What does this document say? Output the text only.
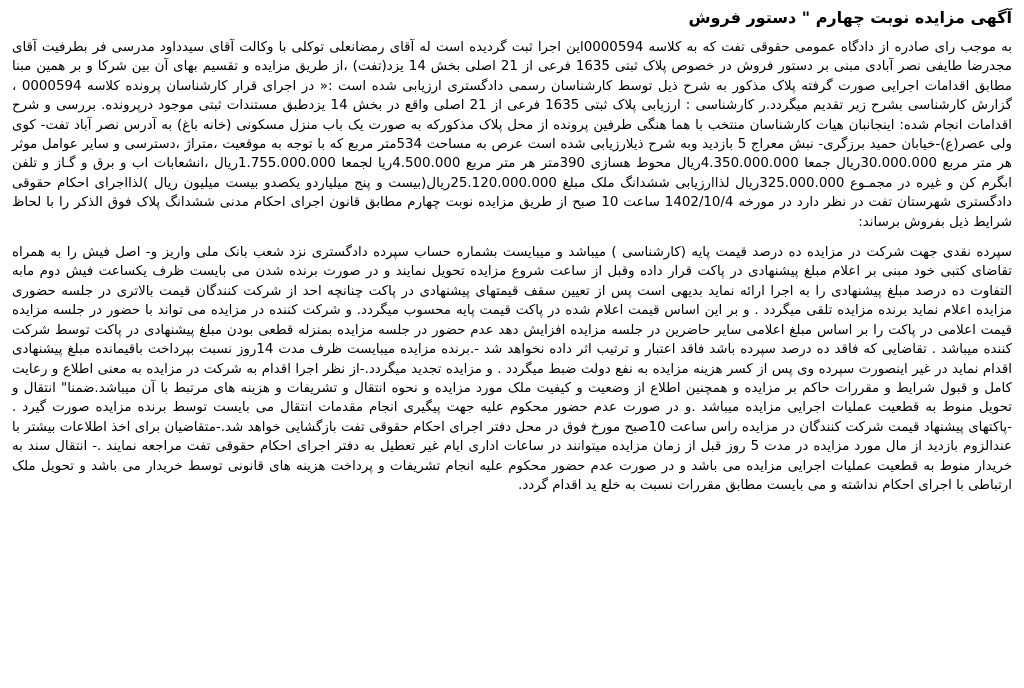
آگهی مزایده نوبت چهارم " دستور فروش

به موجب رای صادره از دادگاه عمومی حقوقی تفت که به کلاسه 0000594این اجرا ثبت گردیده است له آقای رمضانعلی توکلی با وکالت آقای سیدداود مدرسی فر بطرفیت آقای مجدرضا طایفی نصر آبادی مبنی بر دستور فروش در خصوص پلاک ثبتی 1635 فرعی از 21 اصلی بخش 14 یزد(تفت) ،از طریق مزایده و تقسیم بهای آن بین شرکا و بر همین مبنا مطابق اقدامات اجرایی صورت گرفته پلاک مذکور به شرح ذیل توسط کارشناسان رسمی دادگستری ارزیابی شده است :« در اجرای قرار کارشناسان پرونده کلاسه 0000594 ، گزارش کارشناسی بشرح زیر تقدیم میگردد.ر کارشناسی : ارزیابی پلاک ثبتی 1635 فرعی از 21 اصلی واقع در بخش 14 یزدطبق مستندات ثبتی موجود درپرونده. بررسی و شرح اقدامات انجام شده: اینجانبان هیات کارشناسان منتخب با هما هنگی طرفین پرونده از محل پلاک مذکورکه به صورت یک باب منزل مسکونی (خانه باغ) به آدرس نصر آباد تفت- کوی ولی عصر(ع)-خیابان حمید برزگری- نبش معراج 5 بازدید وبه شرح ذیلارزیابی شده است عرص به مساحت 534متر مربع که با توجه به موقعیت ،متراژ ،دسترسی و سایر عوامل موثر هر متر مربع 30.000.000ریال جمعا 4.350.000.000ریال محوط هسازی 390متر هر متر مربع 4.500.000ریا لجمعا 1.755.000.000ریال ،انشعابات اب و برق و گـاز و تلفن ابگرم کن و غیره در مجمـوع 325.000.000ریال لذاارزیابی ششدانگ ملک مبلغ 25.120.000.000ریال(بیست و پنج میلیاردو یکصدو بیست میلیون ریال )لذااجرای احکام حقوقی دادگستری شهرستان تفت در نظر دارد در مورخه 1402/10/4 ساعت 10 صبح از طریق مزایده نوبت چهارم مطابق قانون اجرای احکام مدنی ششدانگ پلاک فوق الذکر را با لحاظ شرایط ذیل بفروش برساند:

سپرده نقدی جهت شرکت در مزایده ده درصد قیمت پایه (کارشناسی ) میباشد و میبایست بشماره حساب سپرده دادگستری نزد شعب بانک ملی واریز و- اصل فیش را به همراه تقاضای کتبی خود مبنی بر اعلام مبلغ پیشنهادی در پاکت قرار داده وقبل از ساعت شروع مزایده تحویل نمایند و در صورت برنده شدن می بایست ظرف یکساعت فیش دوم مابه التفاوت ده درصد مبلغ پیشنهادی را به اجرا ارائه نماید بدیهی است پس از تعیین سقف قیمتهای پیشنهادی در پاکت چنانچه احد از شرکت کنندگان قیمت بالاتری در جلسه حضوری مزایده اعلام نماید برنده مزایده تلقی میگردد . و بر این اساس قیمت اعلام شده در پاکت قیمت پایه محسوب میگردد. و شرکت کننده در مزایده می تواند با حضور در جلسه مزایده قیمت اعلامی در پاکت را بر اساس مبلغ اعلامی سایر حاضرین در جلسه مزایده افزایش دهد عدم حضور در جلسه مزایده بمنزله قطعی بودن مبلغ پیشنهادی در پاکت توسط شرکت کننده میباشد . تقاضایی که فاقد ده درصد سپرده باشد فاقد اعتبار و ترتیب اثر داده نخواهد شد -.برنده مزایده میبایست ظرف مدت 14روز نسبت بپرداخت باقیمانده مبلغ پیشنهادی اقدام نماید در غیر اینصورت سپرده وی پس از کسر هزینه مزایده به نفع دولت ضبط میگردد . و مزایده تجدید میگردد.-از نظر اجرا اقدام به شرکت در مزایده به معنی اطلاع و رعایت کامل و قبول شرایط و مقررات حاکم بر مزایده و همچنین اطلاع از وضعیت و کیفیت ملک مورد مزایده و نحوه انتقال و تشریفات و هزینه های مرتبط با آن میباشد.ضمنا" انتقال و تحویل منوط به قطعیت عملیات اجرایی مزایده میباشد .و در صورت عدم حضور محکوم علیه جهت پیگیری انجام مقدمات انتقال می بایست توسط برنده مزایده صورت گیرد . -پاکتهای پیشنهاد قیمت شرکت کنندگان در مزایده راس ساعت 10صبح مورخ فوق در محل دفتر اجرای احکام حقوقی تفت بازگشایی خواهد شد.-متقاضیان برای اخذ اطلاعات بیشتر با عندالزوم بازدید از مال مورد مزایده در مدت 5 روز قبل از زمان مزایده میتوانند در ساعات اداری ایام غیر تعطیل به دفتر اجرای احکام حقوقی تفت مراجعه نمایند .- انتقال سند به خریدار منوط به قطعیت عملیات اجرایی مزایده می باشد و در صورت عدم حضور محکوم علیه انجام تشریفات و پرداخت هزینه های قانونی توسط خریدار می باشد و تحویل ملک ارتباطی با اجرای احکام نداشته و می بایست مطابق مقررات نسبت به خلع ید اقدام گردد.
